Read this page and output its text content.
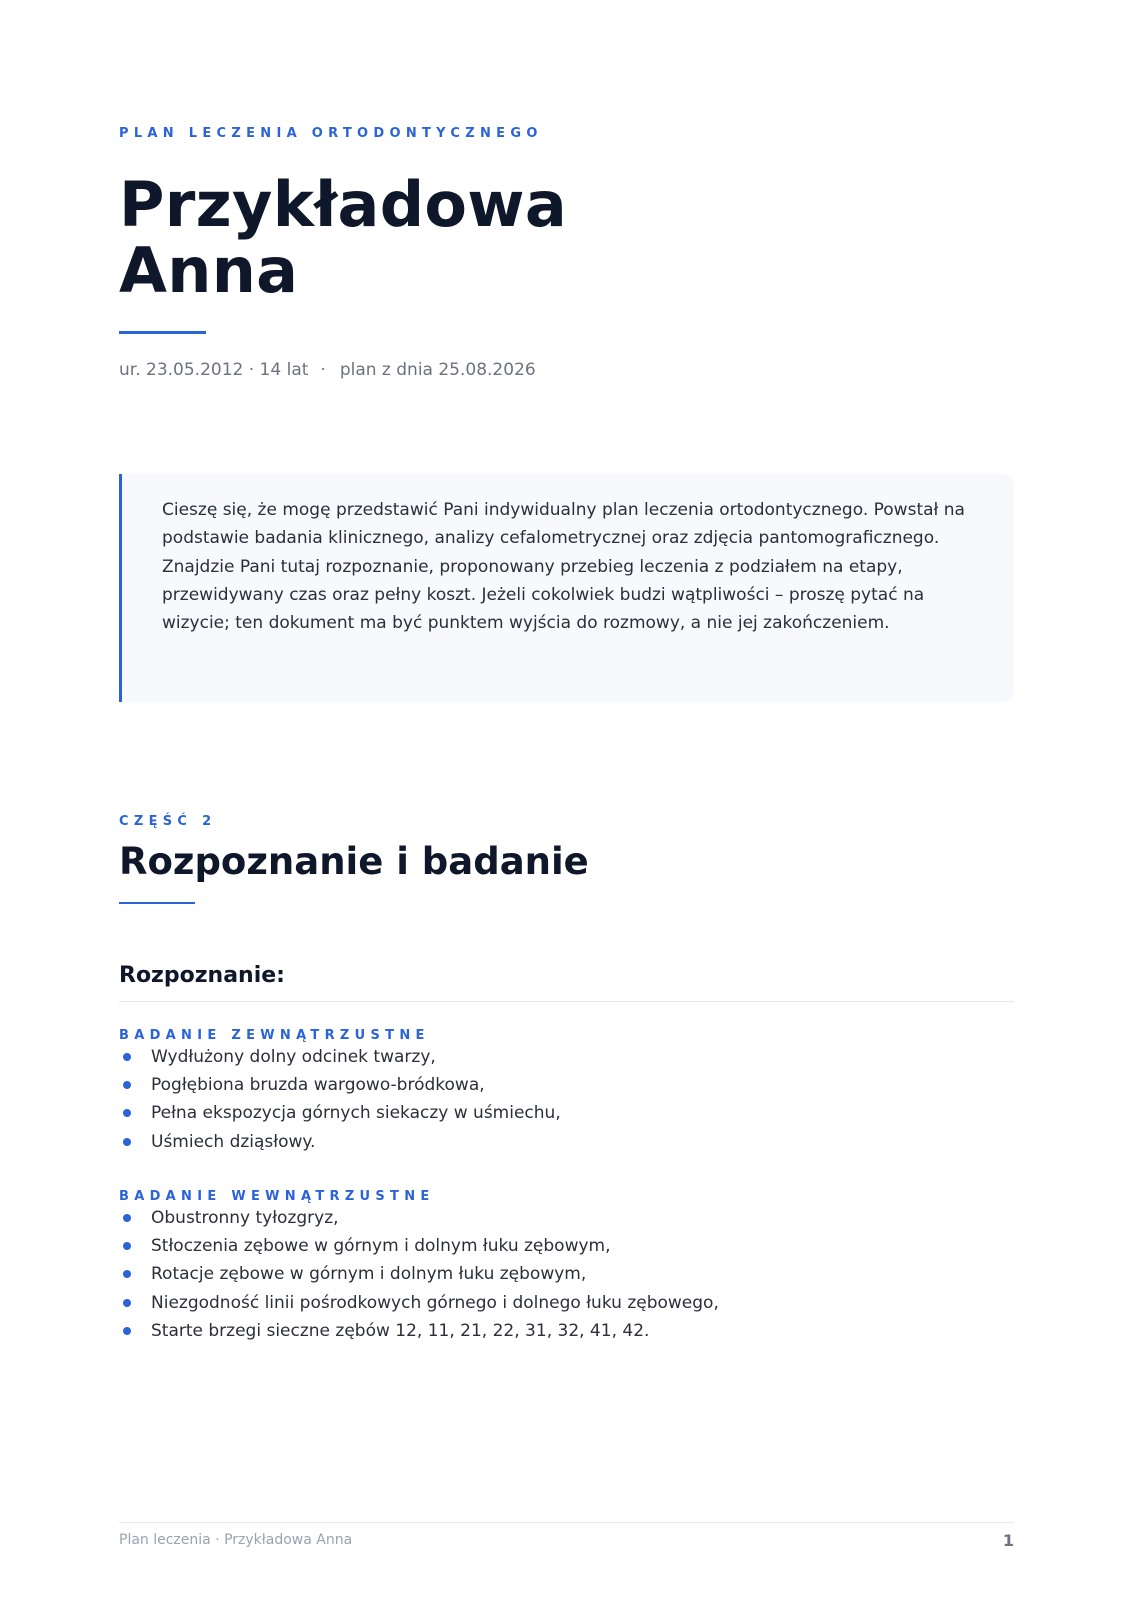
PLAN LECZENIA ORTODONTYCZNEGO
Przykładowa
Anna
ur. 23.05.2012 · 14 lat · plan z dnia 25.08.2026

Cieszę się, że mogę przedstawić Pani indywidualny plan leczenia ortodontycznego. Powstał na podstawie badania klinicznego, analizy cefalometrycznej oraz zdjęcia pantomograficznego. Znajdzie Pani tutaj rozpoznanie, proponowany przebieg leczenia z podziałem na etapy, przewidywany czas oraz pełny koszt. Jeżeli cokolwiek budzi wątpliwości – proszę pytać na wizycie; ten dokument ma być punktem wyjścia do rozmowy, a nie jej zakończeniem.

CZĘŚĆ 2
Rozpoznanie i badanie
Rozpoznanie:
BADANIE ZEWNĄTRZUSTNE
Wydłużony dolny odcinek twarzy,
Pogłębiona bruzda wargowo-bródkowa,
Pełna ekspozycja górnych siekaczy w uśmiechu,
Uśmiech dziąsłowy.
BADANIE WEWNĄTRZUSTNE
Obustronny tyłozgryz,
Stłoczenia zębowe w górnym i dolnym łuku zębowym,
Rotacje zębowe w górnym i dolnym łuku zębowym,
Niezgodność linii pośrodkowych górnego i dolnego łuku zębowego,
Starte brzegi sieczne zębów 12, 11, 21, 22, 31, 32, 41, 42.
Plan leczenia · Przykładowa Anna	1
